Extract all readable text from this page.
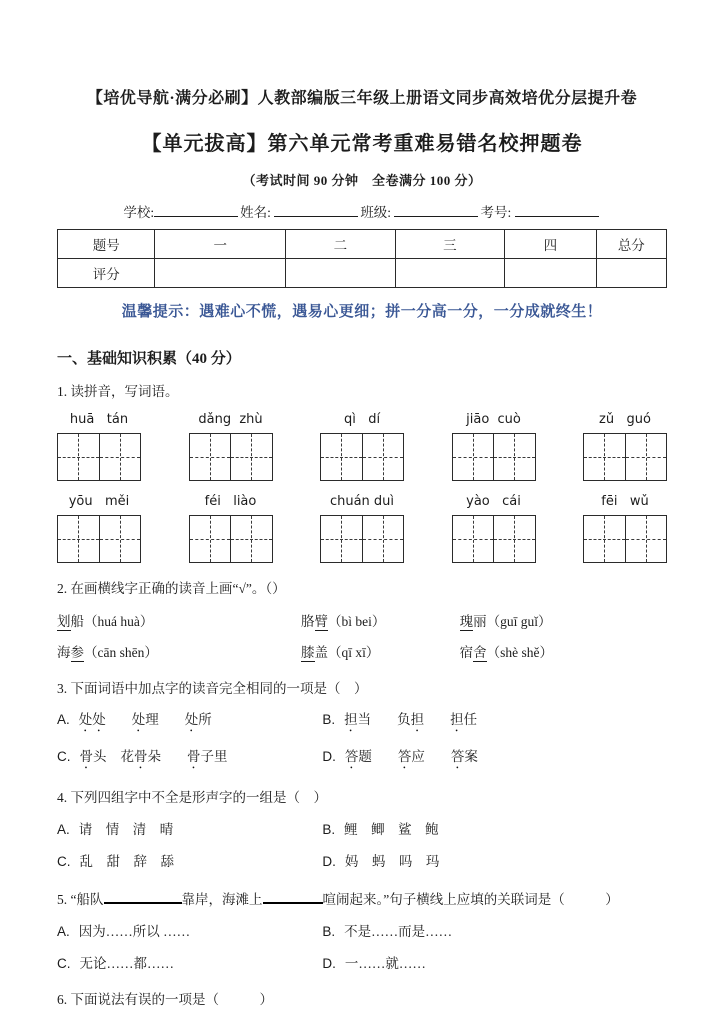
【培优导航·满分必刷】人教部编版三年级上册语文同步高效培优分层提升卷
【单元拔高】第六单元常考重难易错名校押题卷
（考试时间 90 分钟　全卷满分 100 分）
学校:	姓名:	班级:	考号:
题号	一	二	三	四	总分
评分					
温馨提示：遇难心不慌，遇易心更细；拼一分高一分，一分成就终生！
一、基础知识积累（40 分）
1. 读拼音，写词语。
huā   tán	dǎng  zhù	qì   dí	jiāo  cuò	zǔ   guó
yōu   měi	féi   liào	chuán duì	yào   cái	fēi   wǔ
2. 在画横线字正确的读音上画“√”。（）
划船（huá huà）	胳臂（bì bei）	瑰丽（guī guǐ）
海参（cān shēn）	膝盖（qī xī）	宿舍（shè shě）
3. 下面词语中加点字的读音完全相同的一项是（　）
A. 处处 处理 处所	B. 担当 负担 担任
C. 骨头 花骨朵 骨子里	D. 答题 答应 答案
4. 下列四组字中不全是形声字的一组是（　）
A. 请　情　清　晴	B. 鲤　鲫　鲨　鲍
C. 乱　甜　辞　舔	D. 妈　蚂　吗　玛
5. “船队	靠岸，海滩上	喧闹起来。”句子横线上应填的关联词是（　　　）
A. 因为……所以 ……	B. 不是……而是……
C. 无论……都……	D. 一……就……
6. 下面说法有误的一项是（　　　）
